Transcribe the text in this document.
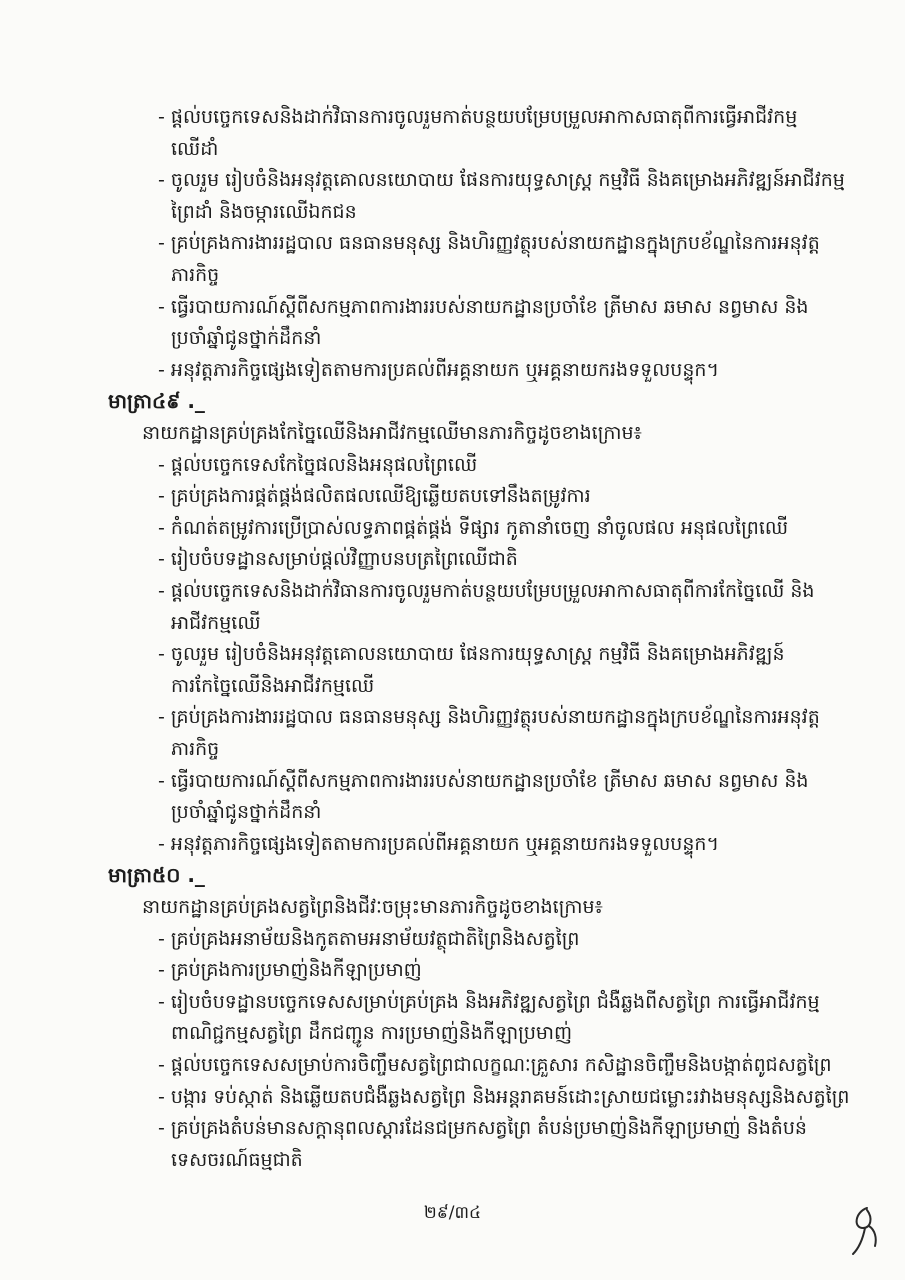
- ផ្តល់បច្ចេកទេសនិងដាក់វិធានការចូលរួមកាត់បន្ថយបម្រែបម្រួលអាកាសធាតុពីការធ្វើអាជីវកម្ម
ឈើដាំ
- ចូលរួម រៀបចំនិងអនុវត្តគោលនយោបាយ ផែនការយុទ្ធសាស្ត្រ កម្មវិធី និងគម្រោងអភិវឌ្ឍន៍អាជីវកម្ម
ព្រៃដាំ និងចម្ការឈើឯកជន
- គ្រប់គ្រងការងាររដ្ឋបាល ធនធានមនុស្ស និងហិរញ្ញវត្ថុរបស់នាយកដ្ឋានក្នុងក្របខ័ណ្ឌនៃការអនុវត្ត
ភារកិច្ច
- ធ្វើរបាយការណ៍ស្តីពីសកម្មភាពការងាររបស់នាយកដ្ឋានប្រចាំខែ ត្រីមាស ឆមាស នព្វមាស និង
ប្រចាំឆ្នាំជូនថ្នាក់ដឹកនាំ
- អនុវត្តភារកិច្ចផ្សេងទៀតតាមការប្រគល់ពីអគ្គនាយក ឬអគ្គនាយករងទទួលបន្ទុក។
មាត្រា៤៩ ._
នាយកដ្ឋានគ្រប់គ្រងកែច្នៃឈើនិងអាជីវកម្មឈើមានភារកិច្ចដូចខាងក្រោម៖
- ផ្តល់បច្ចេកទេសកែច្នៃផលនិងអនុផលព្រៃឈើ
- គ្រប់គ្រងការផ្គត់ផ្គង់ផលិតផលឈើឱ្យឆ្លើយតបទៅនឹងតម្រូវការ
- កំណត់តម្រូវការប្រើប្រាស់លទ្ធភាពផ្គត់ផ្គង់ ទីផ្សារ កូតានាំចេញ នាំចូលផល អនុផលព្រៃឈើ
- រៀបចំបទដ្ឋានសម្រាប់ផ្តល់វិញ្ញាបនបត្រព្រៃឈើជាតិ
- ផ្តល់បច្ចេកទេសនិងដាក់វិធានការចូលរួមកាត់បន្ថយបម្រែបម្រួលអាកាសធាតុពីការកែច្នៃឈើ និង
អាជីវកម្មឈើ
- ចូលរួម រៀបចំនិងអនុវត្តគោលនយោបាយ ផែនការយុទ្ធសាស្ត្រ កម្មវិធី និងគម្រោងអភិវឌ្ឍន៍
ការកែច្នៃឈើនិងអាជីវកម្មឈើ
- គ្រប់គ្រងការងាររដ្ឋបាល ធនធានមនុស្ស និងហិរញ្ញវត្ថុរបស់នាយកដ្ឋានក្នុងក្របខ័ណ្ឌនៃការអនុវត្ត
ភារកិច្ច
- ធ្វើរបាយការណ៍ស្តីពីសកម្មភាពការងាររបស់នាយកដ្ឋានប្រចាំខែ ត្រីមាស ឆមាស នព្វមាស និង
ប្រចាំឆ្នាំជូនថ្នាក់ដឹកនាំ
- អនុវត្តភារកិច្ចផ្សេងទៀតតាមការប្រគល់ពីអគ្គនាយក ឬអគ្គនាយករងទទួលបន្ទុក។
មាត្រា៥០ ._
នាយកដ្ឋានគ្រប់គ្រងសត្វព្រៃនិងជីវៈចម្រុះមានភារកិច្ចដូចខាងក្រោម៖
- គ្រប់គ្រងអនាម័យនិងកូតតាមអនាម័យវត្ថុជាតិព្រៃនិងសត្វព្រៃ
- គ្រប់គ្រងការប្រមាញ់និងកីឡាប្រមាញ់
- រៀបចំបទដ្ឋានបច្ចេកទេសសម្រាប់គ្រប់គ្រង និងអភិវឌ្ឍសត្វព្រៃ ជំងឺឆ្លងពីសត្វព្រៃ ការធ្វើអាជីវកម្ម
ពាណិជ្ជកម្មសត្វព្រៃ ដឹកជញ្ជូន ការប្រមាញ់និងកីឡាប្រមាញ់
- ផ្តល់បច្ចេកទេសសម្រាប់ការចិញ្ចឹមសត្វព្រៃជាលក្ខណៈគ្រួសារ កសិដ្ឋានចិញ្ចឹមនិងបង្កាត់ពូជសត្វព្រៃ
- បង្ការ ទប់ស្កាត់ និងឆ្លើយតបជំងឺឆ្លងសត្វព្រៃ និងអន្តរាគមន៍ដោះស្រាយជម្លោះរវាងមនុស្សនិងសត្វព្រៃ
- គ្រប់គ្រងតំបន់មានសក្តានុពលស្តារដែនជម្រកសត្វព្រៃ តំបន់ប្រមាញ់និងកីឡាប្រមាញ់ និងតំបន់
ទេសចរណ៍ធម្មជាតិ
២៩/៣៤
